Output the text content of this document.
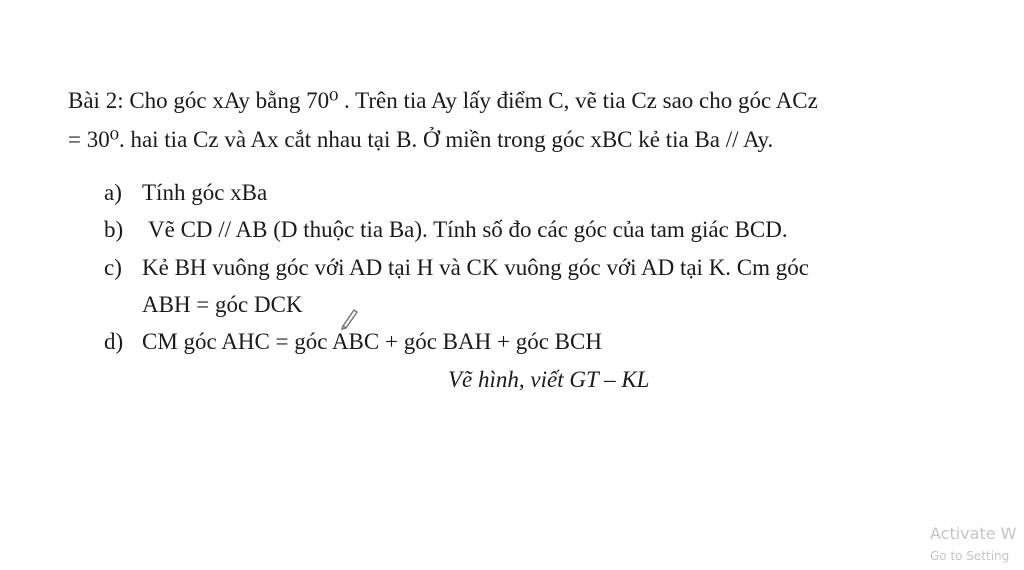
Bài 2: Cho góc xAy bằng 70⁰ . Trên tia Ay lấy điểm C, vẽ tia Cz sao cho góc ACz
= 30⁰. hai tia Cz và Ax cắt nhau tại B. Ở miền trong góc xBC kẻ tia Ba // Ay.
a) Tính góc xBa
b) Vẽ CD // AB (D thuộc tia Ba). Tính số đo các góc của tam giác BCD.
c) Kẻ BH vuông góc với AD tại H và CK vuông góc với AD tại K. Cm góc
ABH = góc DCK
d) CM góc AHC = góc ABC + góc BAH + góc BCH
Vẽ hình, viết GT – KL
Activate W
Go to Setting
